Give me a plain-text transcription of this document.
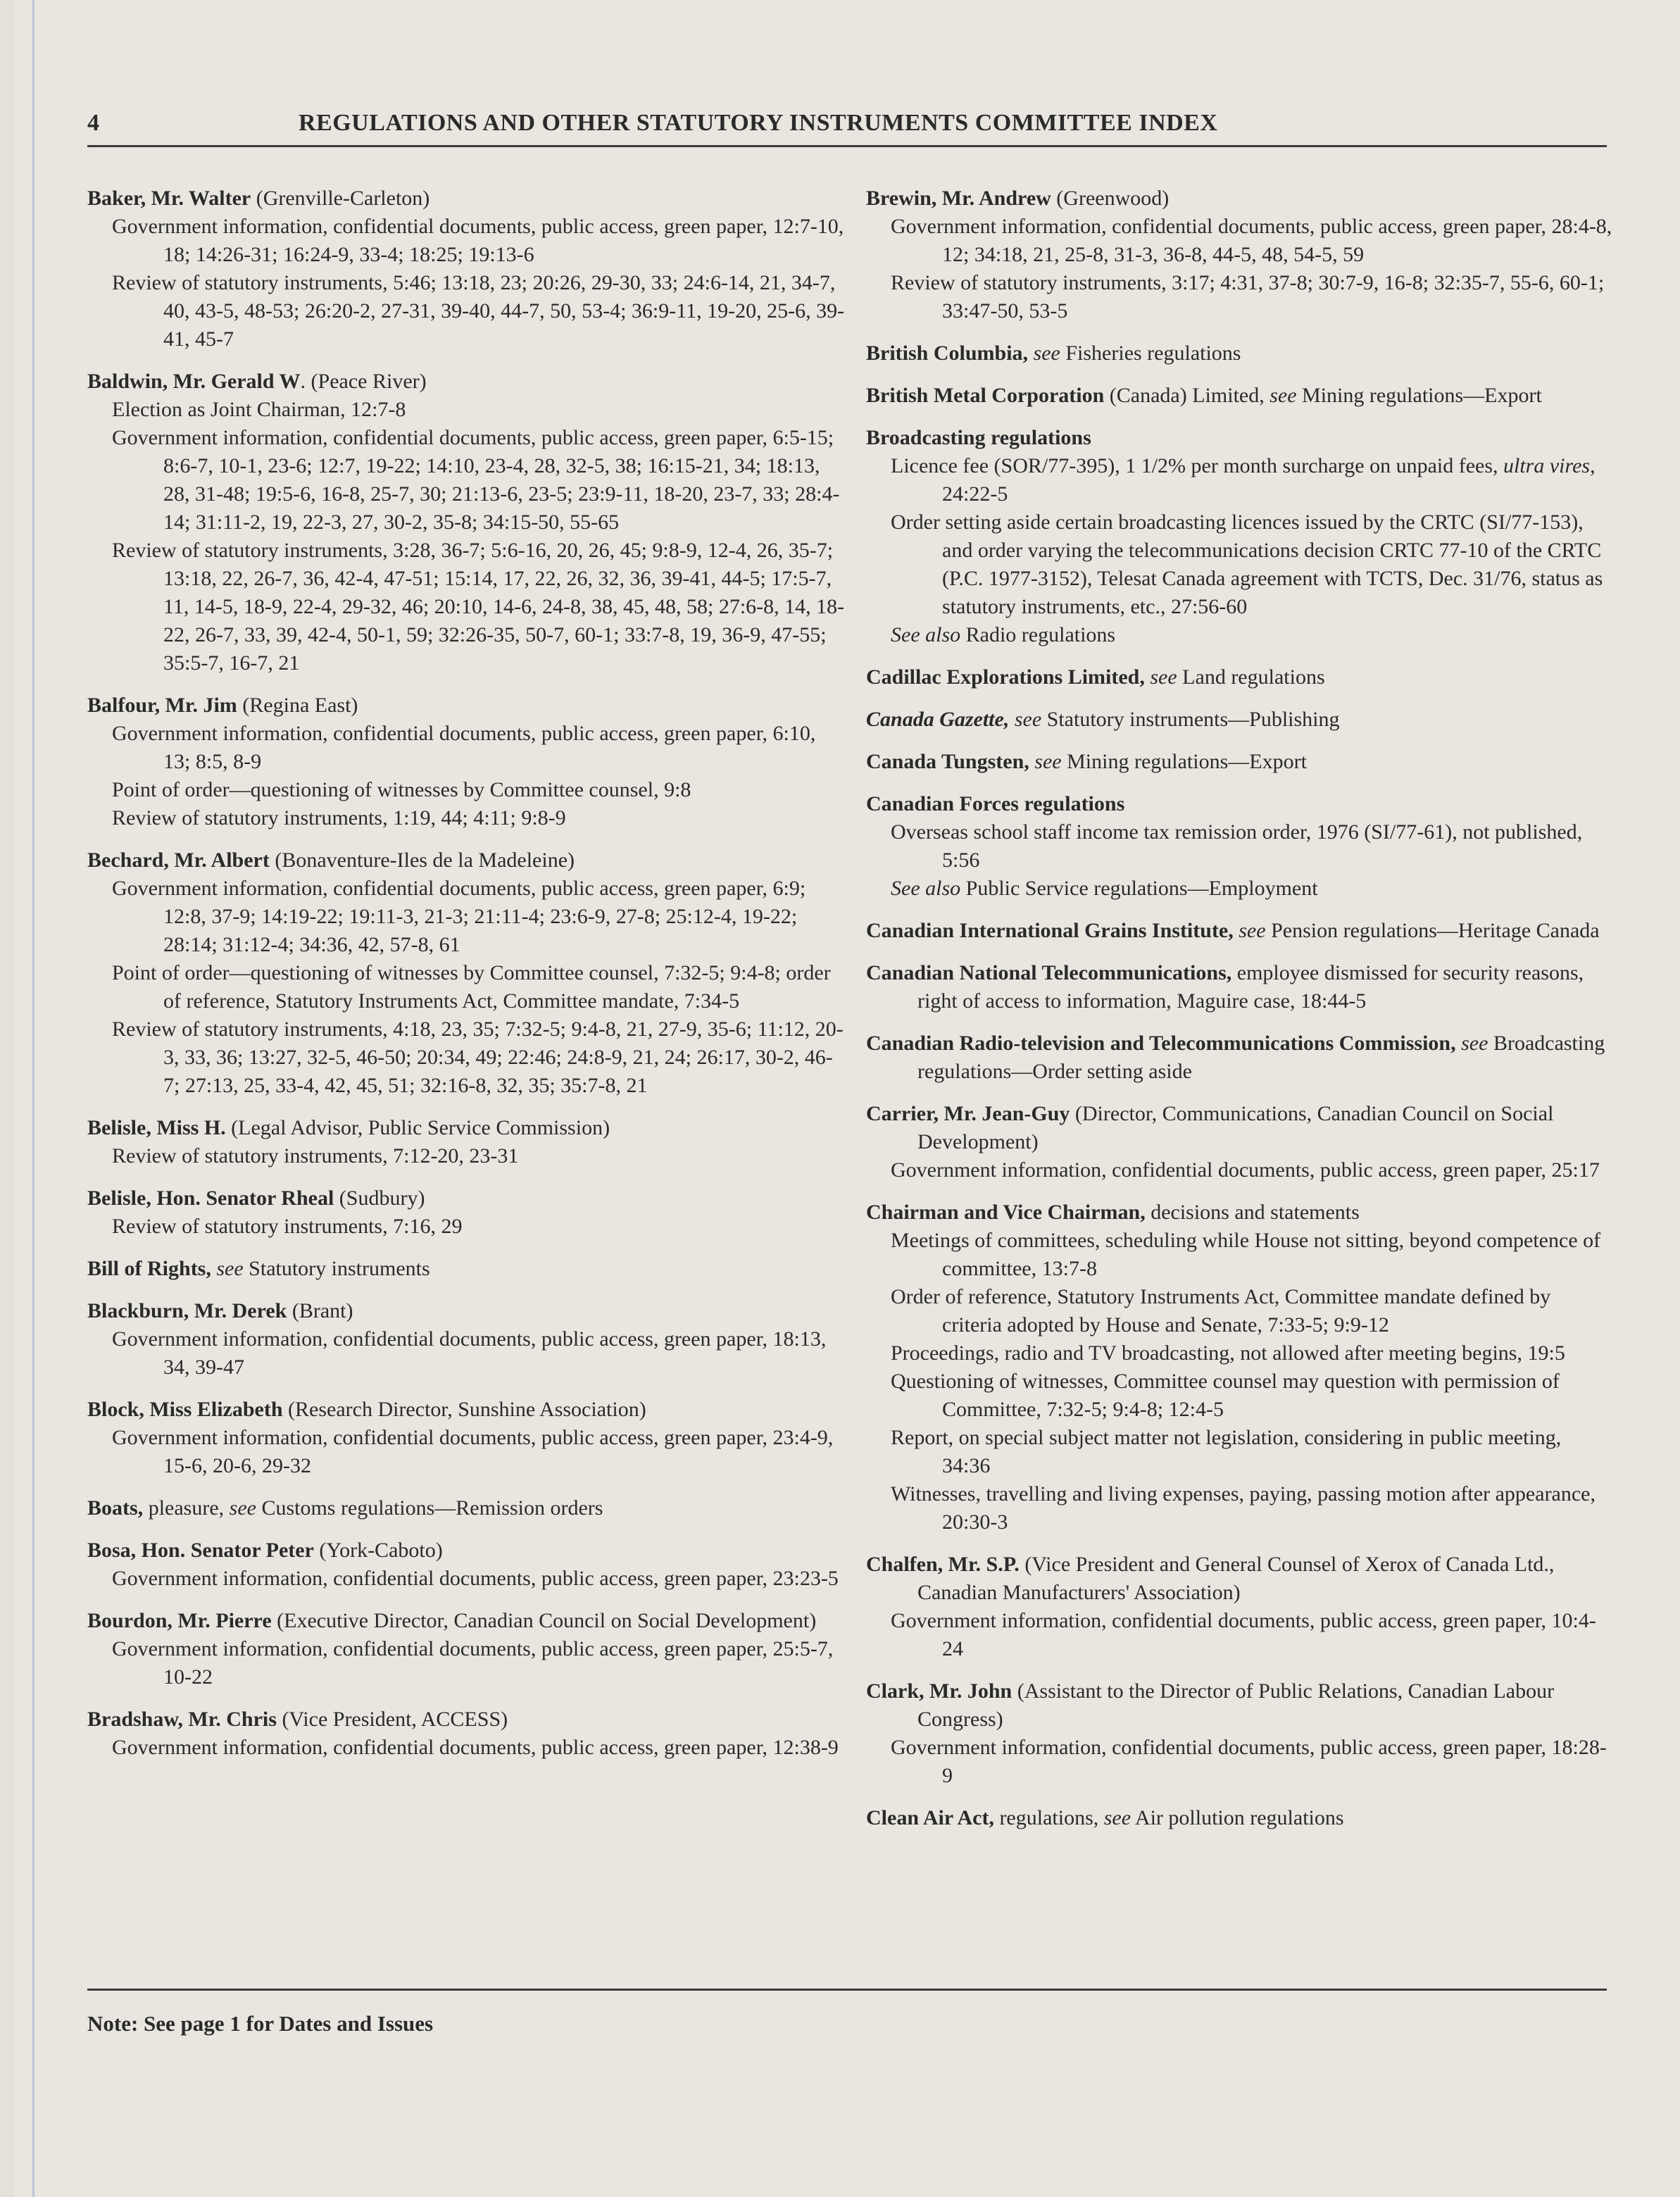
4	REGULATIONS AND OTHER STATUTORY INSTRUMENTS COMMITTEE INDEX
Baker, Mr. Walter (Grenville-Carleton)
Government information, confidential documents, public access, green paper, 12:7-10, 18; 14:26-31; 16:24-9, 33-4; 18:25; 19:13-6
Review of statutory instruments, 5:46; 13:18, 23; 20:26, 29-30, 33; 24:6-14, 21, 34-7, 40, 43-5, 48-53; 26:20-2, 27-31, 39-40, 44-7, 50, 53-4; 36:9-11, 19-20, 25-6, 39-41, 45-7
Baldwin, Mr. Gerald W. (Peace River)
Election as Joint Chairman, 12:7-8
Government information, confidential documents, public access, green paper, 6:5-15; 8:6-7, 10-1, 23-6; 12:7, 19-22; 14:10, 23-4, 28, 32-5, 38; 16:15-21, 34; 18:13, 28, 31-48; 19:5-6, 16-8, 25-7, 30; 21:13-6, 23-5; 23:9-11, 18-20, 23-7, 33; 28:4-14; 31:11-2, 19, 22-3, 27, 30-2, 35-8; 34:15-50, 55-65
Review of statutory instruments, 3:28, 36-7; 5:6-16, 20, 26, 45; 9:8-9, 12-4, 26, 35-7; 13:18, 22, 26-7, 36, 42-4, 47-51; 15:14, 17, 22, 26, 32, 36, 39-41, 44-5; 17:5-7, 11, 14-5, 18-9, 22-4, 29-32, 46; 20:10, 14-6, 24-8, 38, 45, 48, 58; 27:6-8, 14, 18-22, 26-7, 33, 39, 42-4, 50-1, 59; 32:26-35, 50-7, 60-1; 33:7-8, 19, 36-9, 47-55; 35:5-7, 16-7, 21
Balfour, Mr. Jim (Regina East)
Government information, confidential documents, public access, green paper, 6:10, 13; 8:5, 8-9
Point of order—questioning of witnesses by Committee counsel, 9:8
Review of statutory instruments, 1:19, 44; 4:11; 9:8-9
Bechard, Mr. Albert (Bonaventure-Iles de la Madeleine)
Government information, confidential documents, public access, green paper, 6:9; 12:8, 37-9; 14:19-22; 19:11-3, 21-3; 21:11-4; 23:6-9, 27-8; 25:12-4, 19-22; 28:14; 31:12-4; 34:36, 42, 57-8, 61
Point of order—questioning of witnesses by Committee counsel, 7:32-5; 9:4-8; order of reference, Statutory Instruments Act, Committee mandate, 7:34-5
Review of statutory instruments, 4:18, 23, 35; 7:32-5; 9:4-8, 21, 27-9, 35-6; 11:12, 20-3, 33, 36; 13:27, 32-5, 46-50; 20:34, 49; 22:46; 24:8-9, 21, 24; 26:17, 30-2, 46-7; 27:13, 25, 33-4, 42, 45, 51; 32:16-8, 32, 35; 35:7-8, 21
Belisle, Miss H. (Legal Advisor, Public Service Commission)
Review of statutory instruments, 7:12-20, 23-31
Belisle, Hon. Senator Rheal (Sudbury)
Review of statutory instruments, 7:16, 29
Bill of Rights, see Statutory instruments
Blackburn, Mr. Derek (Brant)
Government information, confidential documents, public access, green paper, 18:13, 34, 39-47
Block, Miss Elizabeth (Research Director, Sunshine Association)
Government information, confidential documents, public access, green paper, 23:4-9, 15-6, 20-6, 29-32
Boats, pleasure, see Customs regulations—Remission orders
Bosa, Hon. Senator Peter (York-Caboto)
Government information, confidential documents, public access, green paper, 23:23-5
Bourdon, Mr. Pierre (Executive Director, Canadian Council on Social Development)
Government information, confidential documents, public access, green paper, 25:5-7, 10-22
Bradshaw, Mr. Chris (Vice President, ACCESS)
Government information, confidential documents, public access, green paper, 12:38-9
Brewin, Mr. Andrew (Greenwood)
Government information, confidential documents, public access, green paper, 28:4-8, 12; 34:18, 21, 25-8, 31-3, 36-8, 44-5, 48, 54-5, 59
Review of statutory instruments, 3:17; 4:31, 37-8; 30:7-9, 16-8; 32:35-7, 55-6, 60-1; 33:47-50, 53-5
British Columbia, see Fisheries regulations
British Metal Corporation (Canada) Limited, see Mining regulations—Export
Broadcasting regulations
Licence fee (SOR/77-395), 1 1/2% per month surcharge on unpaid fees, ultra vires, 24:22-5
Order setting aside certain broadcasting licences issued by the CRTC (SI/77-153), and order varying the telecommunications decision CRTC 77-10 of the CRTC (P.C. 1977-3152), Telesat Canada agreement with TCTS, Dec. 31/76, status as statutory instruments, etc., 27:56-60
See also Radio regulations
Cadillac Explorations Limited, see Land regulations
Canada Gazette, see Statutory instruments—Publishing
Canada Tungsten, see Mining regulations—Export
Canadian Forces regulations
Overseas school staff income tax remission order, 1976 (SI/77-61), not published, 5:56
See also Public Service regulations—Employment
Canadian International Grains Institute, see Pension regulations—Heritage Canada
Canadian National Telecommunications, employee dismissed for security reasons, right of access to information, Maguire case, 18:44-5
Canadian Radio-television and Telecommunications Commission, see Broadcasting regulations—Order setting aside
Carrier, Mr. Jean-Guy (Director, Communications, Canadian Council on Social Development)
Government information, confidential documents, public access, green paper, 25:17
Chairman and Vice Chairman, decisions and statements
Meetings of committees, scheduling while House not sitting, beyond competence of committee, 13:7-8
Order of reference, Statutory Instruments Act, Committee mandate defined by criteria adopted by House and Senate, 7:33-5; 9:9-12
Proceedings, radio and TV broadcasting, not allowed after meeting begins, 19:5
Questioning of witnesses, Committee counsel may question with permission of Committee, 7:32-5; 9:4-8; 12:4-5
Report, on special subject matter not legislation, considering in public meeting, 34:36
Witnesses, travelling and living expenses, paying, passing motion after appearance, 20:30-3
Chalfen, Mr. S.P. (Vice President and General Counsel of Xerox of Canada Ltd., Canadian Manufacturers' Association)
Government information, confidential documents, public access, green paper, 10:4-24
Clark, Mr. John (Assistant to the Director of Public Relations, Canadian Labour Congress)
Government information, confidential documents, public access, green paper, 18:28-9
Clean Air Act, regulations, see Air pollution regulations
Note: See page 1 for Dates and Issues
